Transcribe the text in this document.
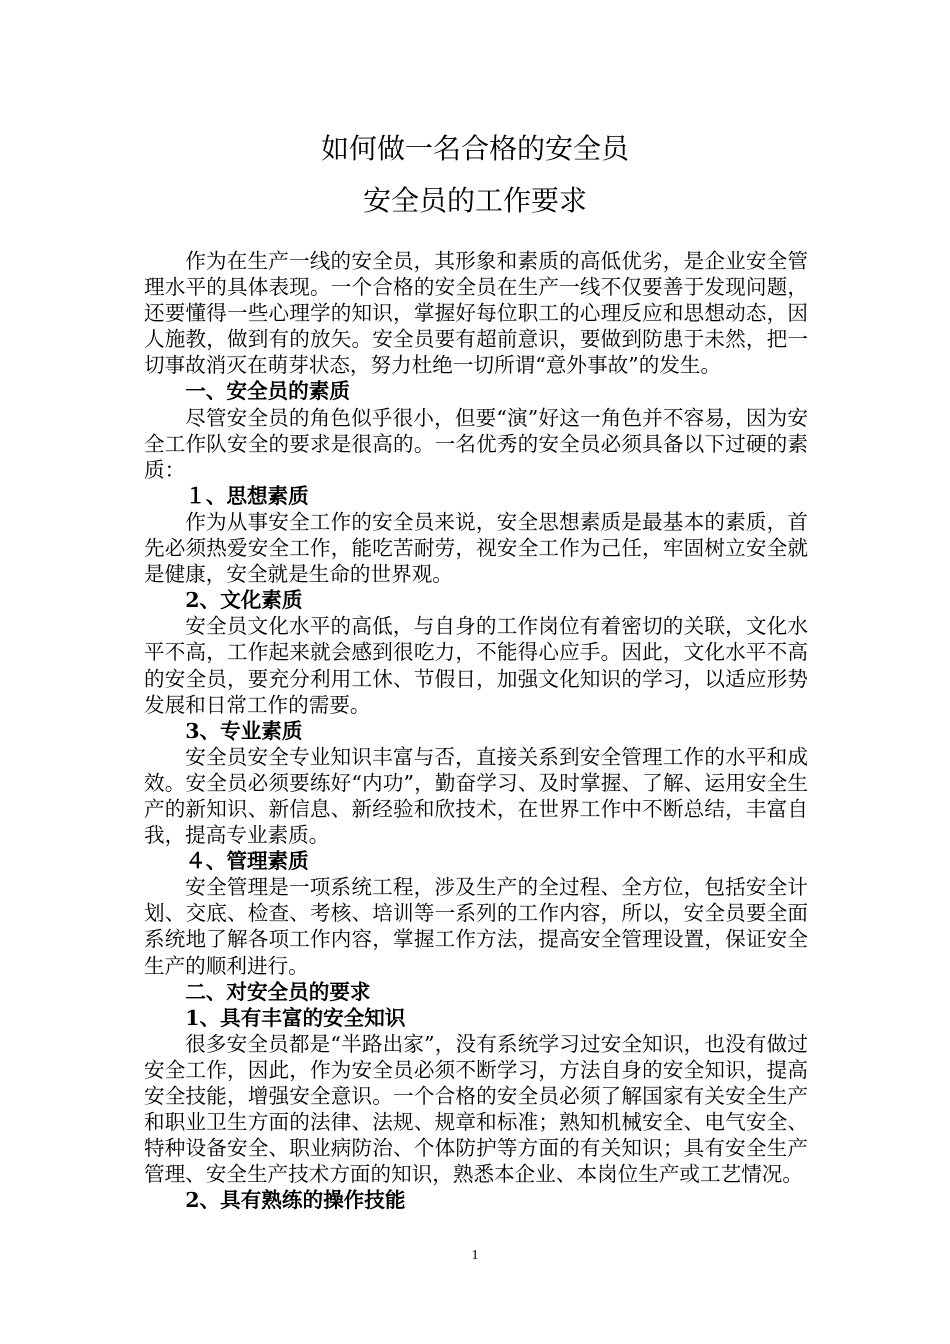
如何做一名合格的安全员
安全员的工作要求

作为在生产一线的安全员，其形象和素质的高低优劣，是企业安全管理水平的具体表现。一个合格的安全员在生产一线不仅要善于发现问题，还要懂得一些心理学的知识，掌握好每位职工的心理反应和思想动态，因人施教，做到有的放矢。安全员要有超前意识，要做到防患于未然，把一切事故消灭在萌芽状态，努力杜绝一切所谓“意外事故”的发生。

一、安全员的素质

尽管安全员的角色似乎很小，但要“演”好这一角色并不容易，因为安全工作队安全的要求是很高的。一名优秀的安全员必须具备以下过硬的素质：

１、思想素质

作为从事安全工作的安全员来说，安全思想素质是最基本的素质，首先必须热爱安全工作，能吃苦耐劳，视安全工作为己任，牢固树立安全就是健康，安全就是生命的世界观。

2、文化素质

安全员文化水平的高低，与自身的工作岗位有着密切的关联，文化水平不高，工作起来就会感到很吃力，不能得心应手。因此，文化水平不高的安全员，要充分利用工休、节假日，加强文化知识的学习，以适应形势发展和日常工作的需要。

3、专业素质

安全员安全专业知识丰富与否，直接关系到安全管理工作的水平和成效。安全员必须要练好“内功”，勤奋学习、及时掌握、了解、运用安全生产的新知识、新信息、新经验和欣技术，在世界工作中不断总结，丰富自我，提高专业素质。

４、管理素质

安全管理是一项系统工程，涉及生产的全过程、全方位，包括安全计划、交底、检查、考核、培训等一系列的工作内容，所以，安全员要全面系统地了解各项工作内容，掌握工作方法，提高安全管理设置，保证安全生产的顺利进行。

二、对安全员的要求
1、具有丰富的安全知识

很多安全员都是“半路出家”，没有系统学习过安全知识，也没有做过安全工作，因此，作为安全员必须不断学习，方法自身的安全知识，提高安全技能，增强安全意识。一个合格的安全员必须了解国家有关安全生产和职业卫生方面的法律、法规、规章和标准；熟知机械安全、电气安全、特种设备安全、职业病防治、个体防护等方面的有关知识；具有安全生产管理、安全生产技术方面的知识，熟悉本企业、本岗位生产或工艺情况。

2、具有熟练的操作技能
1
